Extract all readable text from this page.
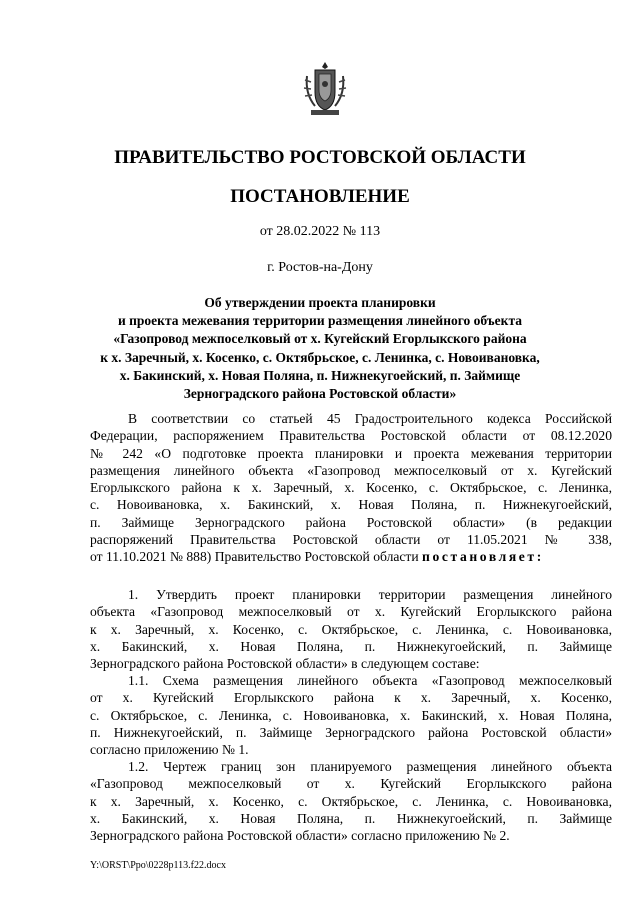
ПРАВИТЕЛЬСТВО РОСТОВСКОЙ ОБЛАСТИ
ПОСТАНОВЛЕНИЕ
от 28.02.2022 № 113
г. Ростов-на-Дону
Об утверждении проекта планировки
и проекта межевания территории размещения линейного объекта
«Газопровод межпоселковый от х. Кугейский Егорлыкского района
к х. Заречный, х. Косенко, с. Октябрьское, с. Ленинка, с. Новоивановка,
х. Бакинский, х. Новая Поляна, п. Нижнекугоейский, п. Займище
Зерноградского района Ростовской области»
В соответствии со статьей 45 Градостроительного кодекса Российской
Федерации, распоряжением Правительства Ростовской области от 08.12.2020
№ 242 «О подготовке проекта планировки и проекта межевания территории
размещения линейного объекта «Газопровод межпоселковый от х. Кугейский
Егорлыкского района к х. Заречный, х. Косенко, с. Октябрьское, с. Ленинка,
с. Новоивановка, х. Бакинский, х. Новая Поляна, п. Нижнекугоейский,
п. Займище Зерноградского района Ростовской области» (в редакции
распоряжений Правительства Ростовской области от 11.05.2021 № 338,
от 11.10.2021 № 888) Правительство Ростовской области постановляет:
1. Утвердить проект планировки территории размещения линейного
объекта «Газопровод межпоселковый от х. Кугейский Егорлыкского района
к х. Заречный, х. Косенко, с. Октябрьское, с. Ленинка, с. Новоивановка,
х. Бакинский, х. Новая Поляна, п. Нижнекугоейский, п. Займище
Зерноградского района Ростовской области» в следующем составе:
1.1. Схема размещения линейного объекта «Газопровод межпоселковый
от х. Кугейский Егорлыкского района к х. Заречный, х. Косенко,
с. Октябрьское, с. Ленинка, с. Новоивановка, х. Бакинский, х. Новая Поляна,
п. Нижнекугоейский, п. Займище Зерноградского района Ростовской области»
согласно приложению № 1.
1.2. Чертеж границ зон планируемого размещения линейного объекта
«Газопровод межпоселковый от х. Кугейский Егорлыкского района
к х. Заречный, х. Косенко, с. Октябрьское, с. Ленинка, с. Новоивановка,
х. Бакинский, х. Новая Поляна, п. Нижнекугоейский, п. Займище
Зерноградского района Ростовской области» согласно приложению № 2.
Y:\ORST\Ppo\0228p113.f22.docx
